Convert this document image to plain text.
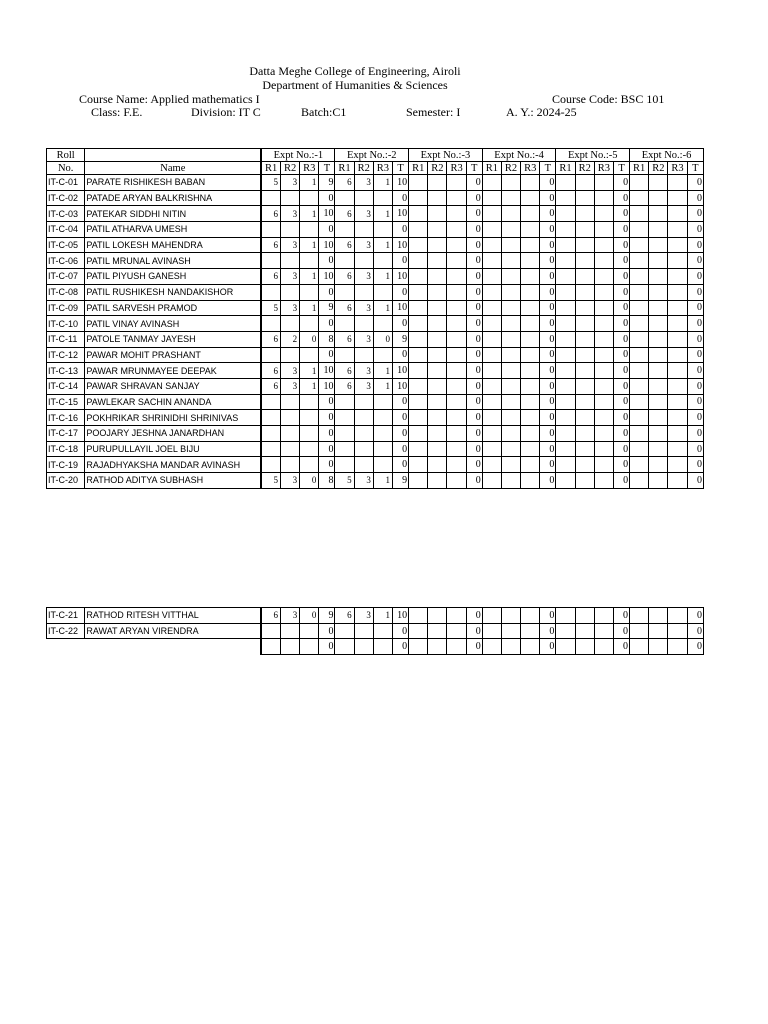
Datta Meghe College of Engineering, Airoli
Department of Humanities & Sciences
Course Name: Applied mathematics I	Course Code: BSC 101
Class: F.E.	Division: IT C	Batch:C1	Semester: I	A. Y.: 2024-25
Roll		Expt No.:-1				Expt No.:-2				Expt No.:-3				Expt No.:-4				Expt No.:-5				Expt No.:-6			
No.	Name	R1	R2	R3	T	R1	R2	R3	T	R1	R2	R3	T	R1	R2	R3	T	R1	R2	R3	T	R1	R2	R3	T
IT-C-01	PARATE RISHIKESH BABAN	5	3	1	9	6	3	1	10				0				0				0				0
IT-C-02	PATADE ARYAN BALKRISHNA				0				0				0				0				0				0
IT-C-03	PATEKAR SIDDHI NITIN	6	3	1	10	6	3	1	10				0				0				0				0
IT-C-04	PATIL ATHARVA UMESH				0				0				0				0				0				0
IT-C-05	PATIL LOKESH MAHENDRA	6	3	1	10	6	3	1	10				0				0				0				0
IT-C-06	PATIL MRUNAL AVINASH				0				0				0				0				0				0
IT-C-07	PATIL PIYUSH GANESH	6	3	1	10	6	3	1	10				0				0				0				0
IT-C-08	PATIL RUSHIKESH NANDAKISHOR				0				0				0				0				0				0
IT-C-09	PATIL SARVESH PRAMOD	5	3	1	9	6	3	1	10				0				0				0				0
IT-C-10	PATIL VINAY AVINASH				0				0				0				0				0				0
IT-C-11	PATOLE TANMAY JAYESH	6	2	0	8	6	3	0	9				0				0				0				0
IT-C-12	PAWAR MOHIT PRASHANT				0				0				0				0				0				0
IT-C-13	PAWAR MRUNMAYEE DEEPAK	6	3	1	10	6	3	1	10				0				0				0				0
IT-C-14	PAWAR SHRAVAN SANJAY	6	3	1	10	6	3	1	10				0				0				0				0
IT-C-15	PAWLEKAR SACHIN ANANDA				0				0				0				0				0				0
IT-C-16	POKHRIKAR SHRINIDHI SHRINIVAS				0				0				0				0				0				0
IT-C-17	POOJARY JESHNA JANARDHAN				0				0				0				0				0				0
IT-C-18	PURUPULLAYIL JOEL BIJU				0				0				0				0				0				0
IT-C-19	RAJADHYAKSHA MANDAR AVINASH				0				0				0				0				0				0
IT-C-20	RATHOD ADITYA SUBHASH	5	3	0	8	5	3	1	9				0				0				0				0
IT-C-21	RATHOD RITESH VITTHAL	6	3	0	9	6	3	1	10				0				0				0				0
IT-C-22	RAWAT ARYAN VIRENDRA				0				0				0				0				0				0
					0				0				0				0				0				0
